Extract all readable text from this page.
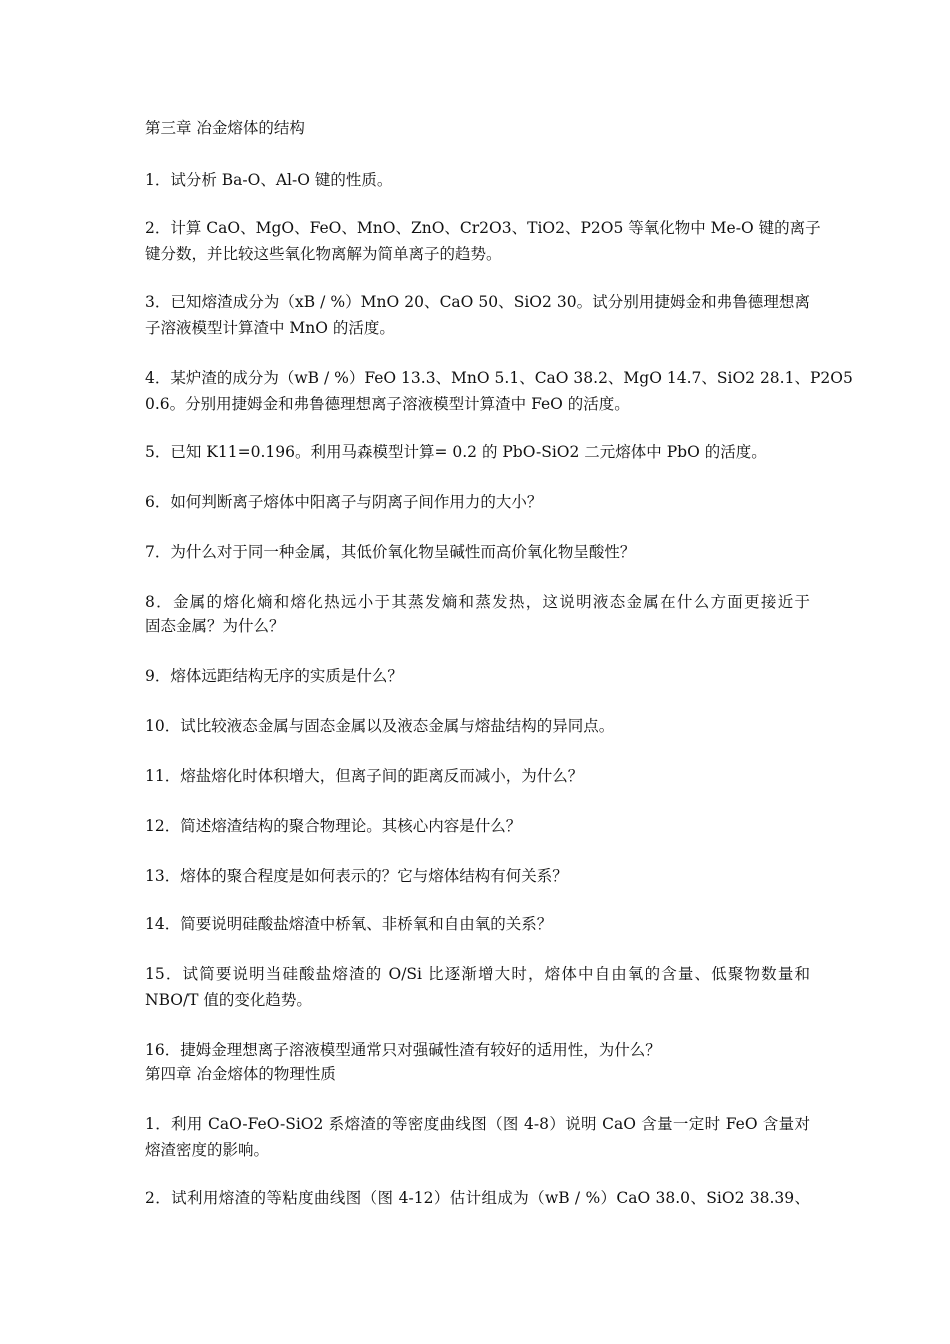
第三章 冶金熔体的结构
1．试分析 Ba-O、Al-O 键的性质。
2．计算 CaO、MgO、FeO、MnO、ZnO、Cr2O3、TiO2、P2O5 等氧化物中 Me-O 键的离子
键分数，并比较这些氧化物离解为简单离子的趋势。
3．已知熔渣成分为（xB / %）MnO 20、CaO 50、SiO2 30。试分别用捷姆金和弗鲁德理想离
子溶液模型计算渣中 MnO 的活度。
4．某炉渣的成分为（wB / %）FeO 13.3、MnO 5.1、CaO 38.2、MgO 14.7、SiO2 28.1、P2O5
0.6。分别用捷姆金和弗鲁德理想离子溶液模型计算渣中 FeO 的活度。
5．已知 K11=0.196。利用马森模型计算= 0.2 的 PbO-SiO2 二元熔体中 PbO 的活度。
6．如何判断离子熔体中阳离子与阴离子间作用力的大小？
7．为什么对于同一种金属，其低价氧化物呈碱性而高价氧化物呈酸性？
8．金属的熔化熵和熔化热远小于其蒸发熵和蒸发热，这说明液态金属在什么方面更接近于
固态金属？为什么？
9．熔体远距结构无序的实质是什么？
10．试比较液态金属与固态金属以及液态金属与熔盐结构的异同点。
11．熔盐熔化时体积增大，但离子间的距离反而减小，为什么？
12．简述熔渣结构的聚合物理论。其核心内容是什么？
13．熔体的聚合程度是如何表示的？它与熔体结构有何关系？
14．简要说明硅酸盐熔渣中桥氧、非桥氧和自由氧的关系？
15．试简要说明当硅酸盐熔渣的 O/Si 比逐渐增大时，熔体中自由氧的含量、低聚物数量和
NBO/T 值的变化趋势。
16．捷姆金理想离子溶液模型通常只对强碱性渣有较好的适用性，为什么？
第四章 冶金熔体的物理性质
1．利用 CaO-FeO-SiO2 系熔渣的等密度曲线图（图 4-8）说明 CaO 含量一定时 FeO 含量对
熔渣密度的影响。
2．试利用熔渣的等粘度曲线图（图 4-12）估计组成为（wB / %）CaO 38.0、SiO2 38.39、
